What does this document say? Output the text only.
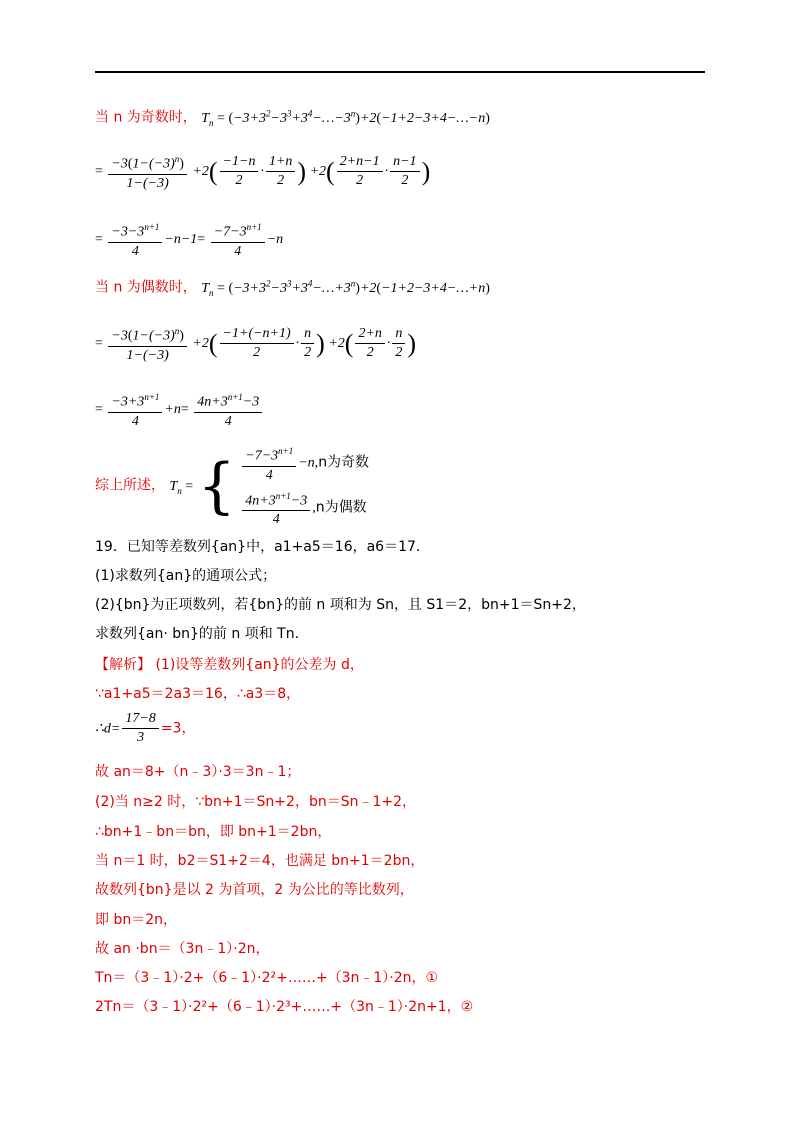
当 n 为奇数时， $T_n$ = $(-3+3^2-3^3+3^4-\dots-3^n)+2(-1+2-3+4-\dots-n)$
= $\frac{-3(1-(-3)^n)}{1-(-3)} +2( \frac{-1-n}{2} \cdot \frac{1+n}{2}$ ) $+2( \frac{2+n-1}{2} \cdot \frac{n-1}{2}$ )
= $\frac{-3-3^{n+1}}{4} -n-1= \frac{-7-3^{n+1}}{4} -n$
当 n 为偶数时， $T_n$ = $(-3+3^2-3^3+3^4-\dots+3^n)+2(-1+2-3+4-\dots+n)$
= $\frac{-3(1-(-3)^n)}{1-(-3)} +2( \frac{-1+(-n+1)}{2} \cdot \frac{n}{2}$ ) $+2( \frac{2+n}{2} \cdot \frac{n}{2}$ )
= $\frac{-3+3^{n+1}}{4} +n= \frac{4n+3^{n+1}-3}{4}$
综上所述， $T_n$ = { $\frac{-7-3^{n+1}}{4} -n,n$为奇数
$\frac{4n+3^{n+1}-3}{4} ,n$为偶数
19．已知等差数列{an}中，a1+a5＝16，a6＝17.
(1)求数列{an}的通项公式；
(2){bn}为正项数列，若{bn}的前 n 项和为 Sn，且 S1＝2，bn+1＝Sn+2，
求数列{an· bn}的前 n 项和 Tn.
【解析】 (1)设等差数列{an}的公差为 d，
∵a1+a5＝2a3＝16，∴a3＝8，
∴d= $\frac{17-8}{3} =3$，
故 an＝8+（n﹣3）·3＝3n﹣1；
(2)当 n≥2 时，∵bn+1＝Sn+2，bn＝Sn﹣1+2，
∴bn+1﹣bn＝bn，即 bn+1＝2bn，
当 n＝1 时，b2＝S1+2＝4，也满足 bn+1＝2bn，
故数列{bn}是以 2 为首项，2 为公比的等比数列，
即 bn＝2n，
故 an ·bn＝（3n﹣1）·2n，
Tn＝（3﹣1）·2+（6﹣1）·2²+……+（3n﹣1）·2n，①
2Tn＝（3﹣1）·2²+（6﹣1）·2³+……+（3n﹣1）·2n+1，②
